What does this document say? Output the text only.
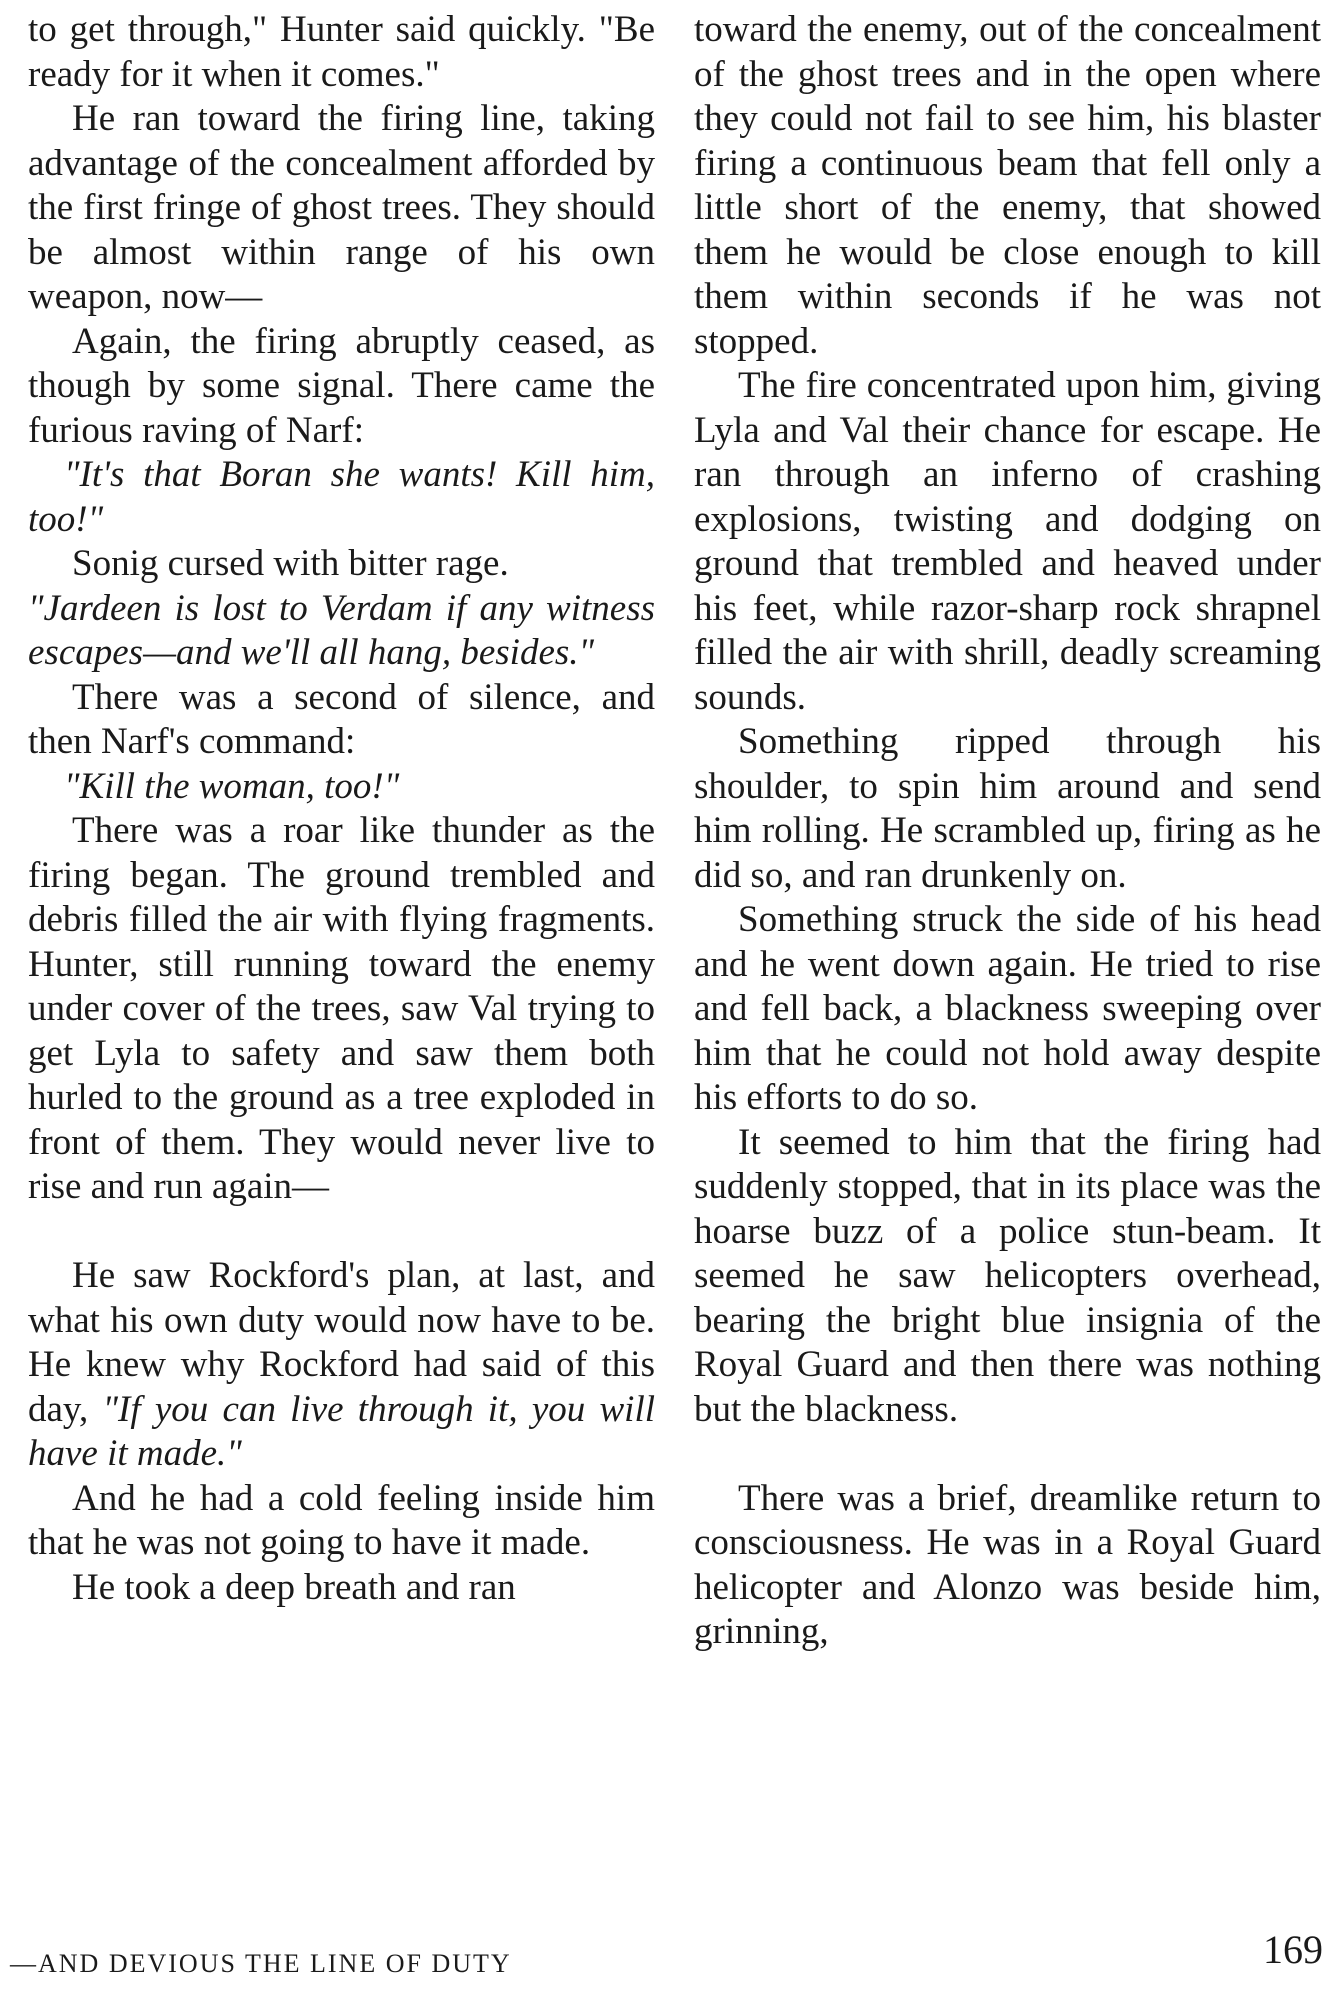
to get through," Hunter said quickly. "Be ready for it when it comes."

He ran toward the firing line, taking advantage of the concealment afforded by the first fringe of ghost trees. They should be almost within range of his own weapon, now—

Again, the firing abruptly ceased, as though by some signal. There came the furious raving of Narf:

"It's that Boran she wants! Kill him, too!"

Sonig cursed with bitter rage.

"Jardeen is lost to Verdam if any witness escapes—and we'll all hang, besides."

There was a second of silence, and then Narf's command:

"Kill the woman, too!"

There was a roar like thunder as the firing began. The ground trembled and debris filled the air with flying fragments. Hunter, still running toward the enemy under cover of the trees, saw Val trying to get Lyla to safety and saw them both hurled to the ground as a tree exploded in front of them. They would never live to rise and run again—

He saw Rockford's plan, at last, and what his own duty would now have to be. He knew why Rockford had said of this day, "If you can live through it, you will have it made."

And he had a cold feeling inside him that he was not going to have it made.

He took a deep breath and ran

toward the enemy, out of the concealment of the ghost trees and in the open where they could not fail to see him, his blaster firing a continuous beam that fell only a little short of the enemy, that showed them he would be close enough to kill them within seconds if he was not stopped.

The fire concentrated upon him, giving Lyla and Val their chance for escape. He ran through an inferno of crashing explosions, twisting and dodging on ground that trembled and heaved under his feet, while razor-sharp rock shrapnel filled the air with shrill, deadly screaming sounds.

Something ripped through his shoulder, to spin him around and send him rolling. He scrambled up, firing as he did so, and ran drunkenly on.

Something struck the side of his head and he went down again. He tried to rise and fell back, a blackness sweeping over him that he could not hold away despite his efforts to do so.

It seemed to him that the firing had suddenly stopped, that in its place was the hoarse buzz of a police stun-beam. It seemed he saw helicopters overhead, bearing the bright blue insignia of the Royal Guard and then there was nothing but the blackness.

There was a brief, dreamlike return to consciousness. He was in a Royal Guard helicopter and Alonzo was beside him, grinning,

—AND DEVIOUS THE LINE OF DUTY	169
